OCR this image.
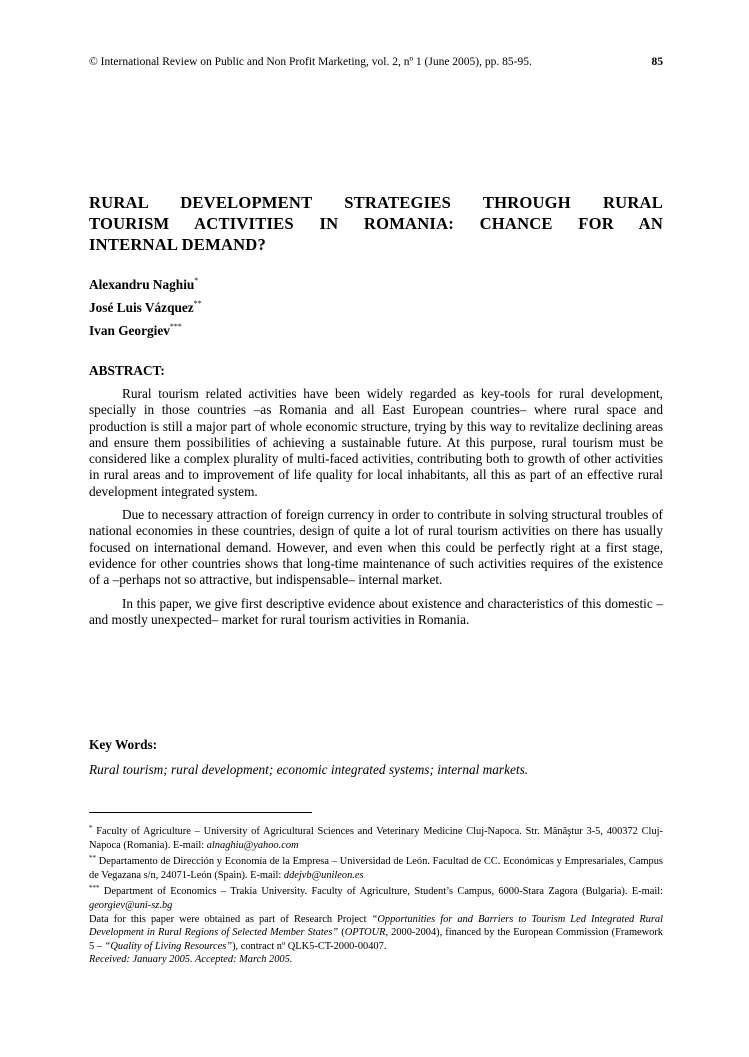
© International Review on Public and Non Profit Marketing, vol. 2, nº 1 (June 2005), pp. 85-95.	85
RURAL DEVELOPMENT STRATEGIES THROUGH RURAL
TOURISM ACTIVITIES IN ROMANIA: CHANCE FOR AN
INTERNAL DEMAND?
Alexandru Naghiu*
José Luis Vázquez**
Ivan Georgiev***
ABSTRACT:

Rural tourism related activities have been widely regarded as key-tools for rural development, specially in those countries –as Romania and all East European countries– where rural space and production is still a major part of whole economic structure, trying by this way to revitalize declining areas and ensure them possibilities of achieving a sustainable future. At this purpose, rural tourism must be considered like a complex plurality of multi-faced activities, contributing both to growth of other activities in rural areas and to improvement of life quality for local inhabitants, all this as part of an effective rural development integrated system.

Due to necessary attraction of foreign currency in order to contribute in solving structural troubles of national economies in these countries, design of quite a lot of rural tourism activities on there has usually focused on international demand. However, and even when this could be perfectly right at a first stage, evidence for other countries shows that long-time maintenance of such activities requires of the existence of a –perhaps not so attractive, but indispensable– internal market.

In this paper, we give first descriptive evidence about existence and characteristics of this domestic –and mostly unexpected– market for rural tourism activities in Romania.

Key Words:
Rural tourism; rural development; economic integrated systems; internal markets.

* Faculty of Agriculture – University of Agricultural Sciences and Veterinary Medicine Cluj-Napoca. Str. Mănăştur 3-5, 400372 Cluj-Napoca (Romania). E-mail: alnaghiu@yahoo.com

** Departamento de Dirección y Economía de la Empresa – Universidad de León. Facultad de CC. Económicas y Empresariales, Campus de Vegazana s/n, 24071-León (Spain). E-mail: ddejvb@unileon.es

*** Department of Economics – Trakia University. Faculty of Agriculture, Student’s Campus, 6000-Stara Zagora (Bulgaria). E-mail: georgiev@uni-sz.bg

Data for this paper were obtained as part of Research Project “Opportunities for and Barriers to Tourism Led Integrated Rural Development in Rural Regions of Selected Member States” (OPTOUR, 2000-2004), financed by the European Commission (Framework 5 – “Quality of Living Resources”), contract nº QLK5-CT-2000-00407.

Received: January 2005. Accepted: March 2005.
